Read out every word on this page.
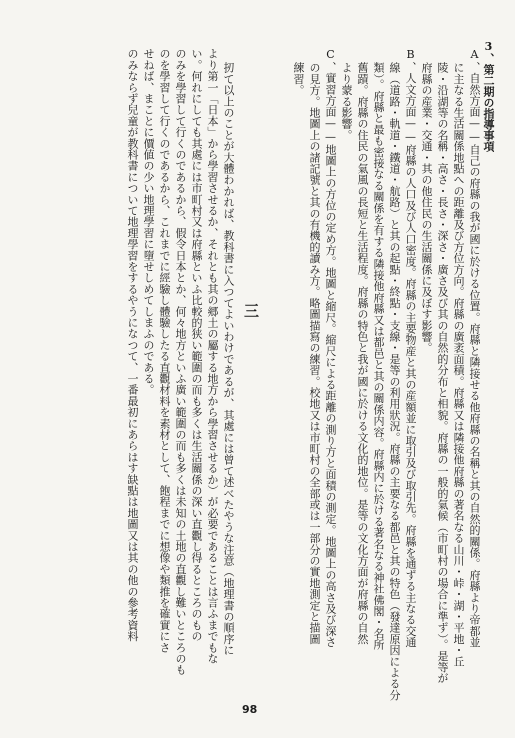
A、自然方面——自己の府縣の我が國に於ける位置。府縣と隣接せる他府縣の名稱と其の自然的關係。府縣より帝都並
に主なる生活關係地點への距離及び方位方向。府縣の廣袤面積。府縣又は隣接他府縣の著名なる山川・峠・湖・平地・丘
陵・沿湖等の名稱・高さ・長さ・深さ・廣さ及び其の自然的分布と相貌。府縣の一般的氣候（市町村の場合に準ず）。是等が
府縣の産業・交通・其の他住民の生活關係に及ぼす影響。
B、人文方面——府縣の人口及び人口密度。府縣の主要物産と其の産額並に取引及び取引先。府縣を通ずる主なる交通
線（道路・軌道・鐵道・航路）と其の起點・終點・支線・是等の利用狀況。府縣の主要なる都邑と其の特色（發達原因による分
類）。府縣と最も密接なる關係を有する隣接他府縣又は都邑と其の關係内容。府縣内に於ける著名なる神社佛閣・名所
舊蹟。府縣の住民の氣風の長短と生活程度。府縣の特色と我が國に於ける文化的地位。是等の文化方面が府縣の自然
より蒙る影響。
C、實習方面——地圖上の方位の定め方。地圖と縮尺。縮尺による距離の測り方と面積の測定。地圖上の高さ及び深さ
の見方。地圖上の諸記號と其の有機的讀み方。略圖描寫の練習。校地又は市町村の全部或は一部分の實地測定と描圖
練習。
扨て以上のことが大體わかれば、教科書に入つてよいわけであるが、其處には曾て述べたやうな注意（地理書の順序に
より第一「日本」から學習させるか、それとも其の郷土の屬する地方から學習させるか）が必要であることは言ふまでもな
い。何れにしても其處には市町村又は府縣といふ比較的狭い範圍の而も多くは生活關係の深い直觀し得るところのもの
のみを學習して行くのであるから、假令日本とか、何々地方といふ廣い範圍の而も多くは未知の土地の直觀し難いところのも
のを學習して行くのであるから、これまでに經驗し體驗したる直觀材料を素材として、飽程までに想像や類推を確實にさ
せねば、まことに價値の少い地理學習に墮せしめてしまふのである。
のみならず兒童が教科書について地理學習をするやうになつて、一番最初にあらはす缺點は地圖又は其の他の參考資料	3、第二期の指導事項
三
98
